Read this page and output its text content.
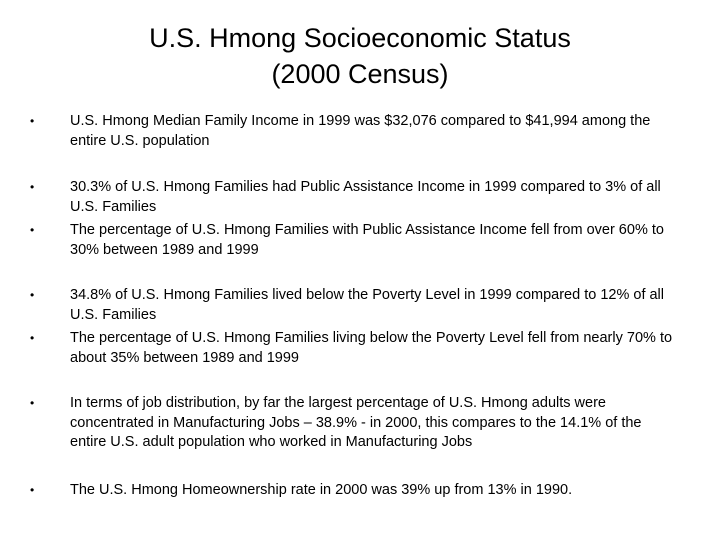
U.S. Hmong Socioeconomic Status
(2000 Census)
•	U.S. Hmong Median Family Income in 1999 was $32,076 compared to $41,994 among the entire U.S. population
•	30.3% of U.S. Hmong Families had Public Assistance Income in 1999 compared to 3% of all U.S. Families
•	The percentage of U.S. Hmong Families with Public Assistance Income fell from over 60% to 30% between 1989 and 1999
•	34.8% of U.S. Hmong Families lived below the Poverty Level in 1999 compared to 12% of all U.S. Families
•	The percentage of U.S. Hmong Families living below the Poverty Level fell from nearly 70% to about 35% between 1989 and 1999
•	In terms of job distribution, by far the largest percentage of U.S. Hmong adults were concentrated in Manufacturing Jobs – 38.9% - in 2000, this compares to the 14.1% of the entire U.S. adult population who worked in Manufacturing Jobs
•	The U.S. Hmong Homeownership rate in 2000 was 39% up from 13% in 1990.
